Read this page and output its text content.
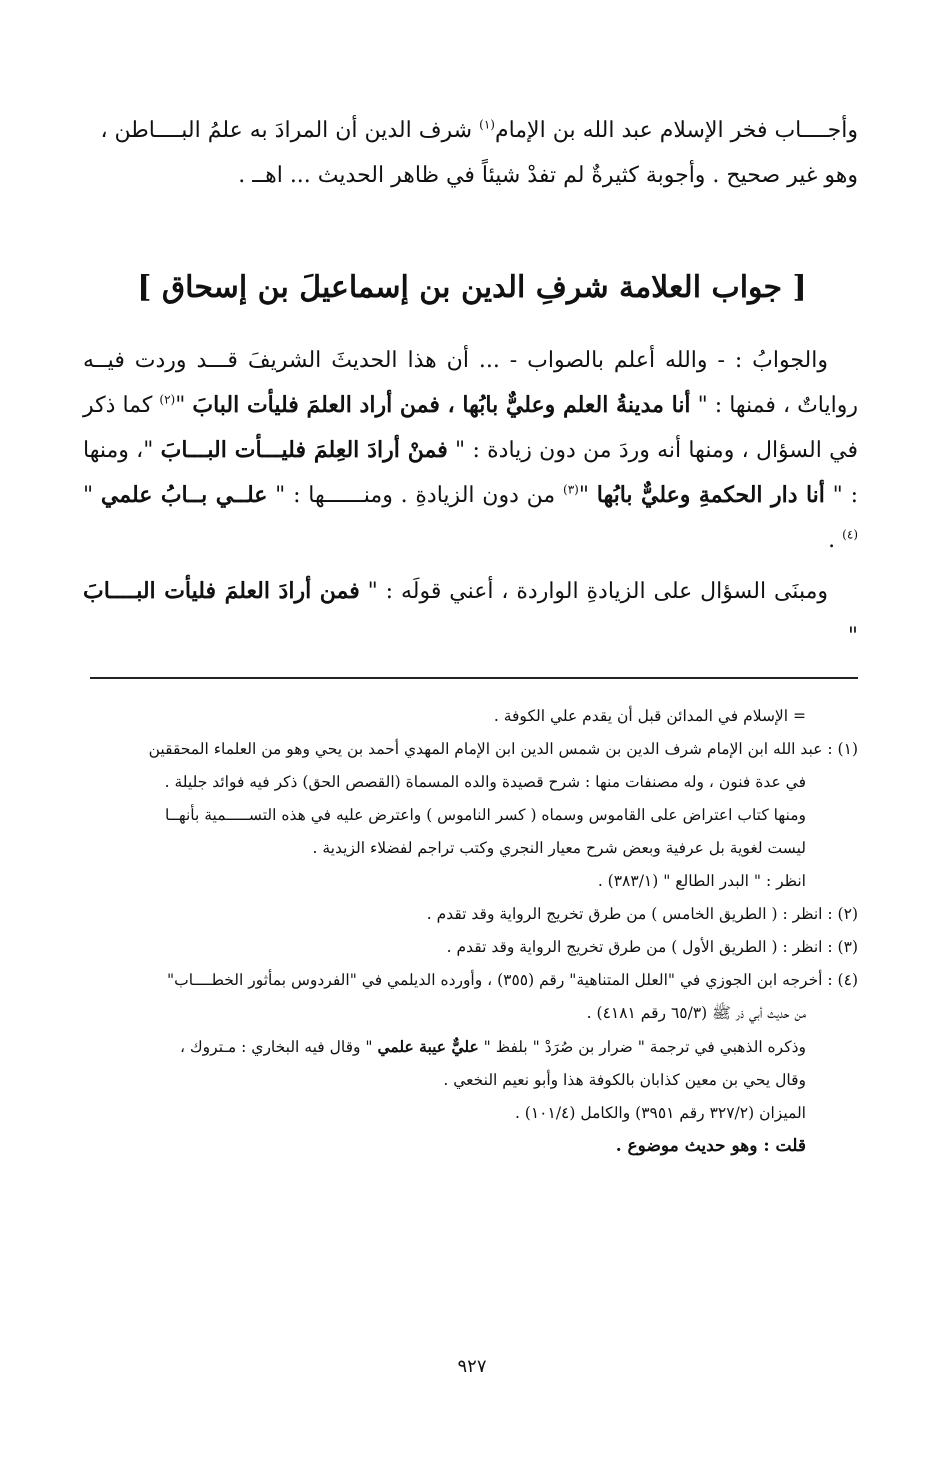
وأجــــاب فخر الإسلام عبد الله بن الإمام$^{(١)}$ شرف الدين أن المرادَ به علمُ البــــاطن ،

وهو غير صحيح . وأجوبة كثيرةٌ لم تفدْ شيئاً في ظاهر الحديث ... اهــ .

[ جواب العلامة شرفِ الدين بن إسماعيلَ بن إسحاق ]

والجوابُ : - والله أعلم بالصواب - ... أن هذا الحديثَ الشريفَ قـــد وردت فيــه رواياتٌ ، فمنها : " أنا مدينةُ العلم وعليٌّ بابُها ، فمن أراد العلمَ فليأت البابَ "$^{(٢)}$ كما ذكر في السؤال ، ومنها أنه وردَ من دون زيادة : " فمنْ أرادَ العِلمَ فليـــأت البـــابَ "، ومنها : " أنا دار الحكمةِ وعليٌّ بابُها "$^{(٣)}$ من دون الزيادةِ . ومنــــــها : " علــي بــابُ علمي "$^{(٤)}$ .

ومبنَى السؤال على الزيادةِ الواردة ، أعني قولَه : " فمن أرادَ العلمَ فليأت البــــابَ "

= الإسلام في المدائن قبل أن يقدم علي الكوفة .
(١) : عبد الله ابن الإمام شرف الدين بن شمس الدين ابن الإمام المهدي أحمد بن يحي وهو من العلماء المحققين
في عدة فنون ، وله مصنفات منها : شرح قصيدة والده المسماة (القصص الحق) ذكر فيه فوائد جليلة .
ومنها كتاب اعتراض على القاموس وسماه ( كسر الناموس ) واعترض عليه في هذه التســـــمية بأنهــا
ليست لغوية بل عرفية وبعض شرح معيار النجري وكتب تراجم لفضلاء الزيدية .
انظر : " البدر الطالع " (٣٨٣/١) .
(٢) : انظر : ( الطريق الخامس ) من طرق تخريج الرواية وقد تقدم .
(٣) : انظر : ( الطريق الأول ) من طرق تخريج الرواية وقد تقدم .
(٤) : أخرجه ابن الجوزي في "العلل المتناهية" رقم (٣٥٥) ، وأورده الديلمي في "الفردوس بمأثور الخطــــاب"
من حديث أبي ذر ﷺ (٦٥/٣ رقم ٤١٨١) .
وذكره الذهبي في ترجمة " ضرار بن صُرَدْ " بلفظ " عليٌّ عيبة علمي " وقال فيه البخاري : مـتروك ،
وقال يحي بن معين كذابان بالكوفة هذا وأبو نعيم النخعي .
الميزان (٣٢٧/٢ رقم ٣٩٥١) والكامل (١٠١/٤) .
قلت : وهو حديث موضوع .
٩٢٧
